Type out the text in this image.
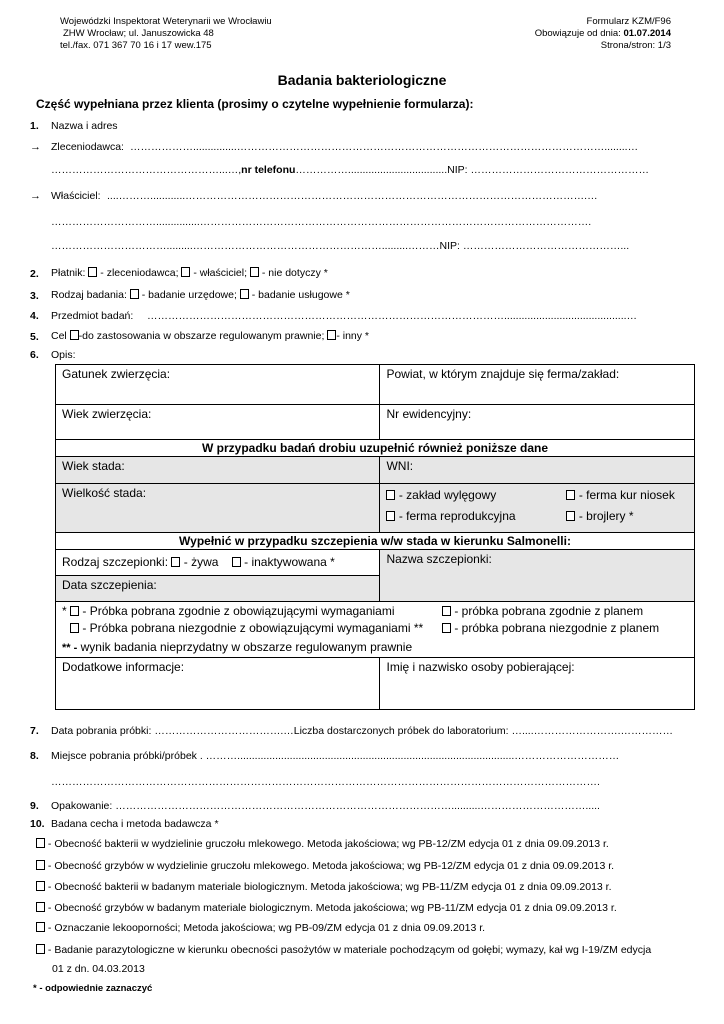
Wojewódzki Inspektorat Weterynarii we Wrocławiu
ZHW Wrocław; ul. Januszowicka 48
tel./fax. 071 367 70 16 i 17 wew.175
Formularz KZM/F96
Obowiązuje od dnia: 01.07.2014
Strona/stron: 1/3
Badania bakteriologiczne
Część wypełniana przez klienta (prosimy o czytelne wypełnienie formularza):
1. Nazwa i adres
→ Zleceniodawca: ………………...............……………………………………………………………………………………………........…
…………………………………………...…,nr telefonu……………..................................NIP: ……………………………………………
→ Właściciel: ....………............…………………………………………………………………………………………………….…
…………………………...............………………………………………………………………………………………………….
…………………………….........……………………………………………….........………NIP: ………………………………………...
2. Płatnik: - zleceniodawca; - właściciel; - nie dotyczy *
3. Rodzaj badania: - badanie urzędowe; - badanie usługowe *
4. Przedmiot badań: …………………………………………………………………………………………..........................................…
5. Cel -do zastosowania w obszarze regulowanym prawnie; - inny *
6. Opis:
Gatunek zwierzęcia:	Powiat, w którym znajduje się ferma/zakład:
Wiek zwierzęcia:	Nr ewidencyjny:
W przypadku badań drobiu uzupełnić również poniższe dane	
Wiek stada:	WNI:
Wielkość stada:	- zakład wylęgowy - ferma kur niosek
- ferma reprodukcyjna - brojlery *

Wypełnić w przypadku szczepienia w/w stada w kierunku Salmonelli:	
Rodzaj szczepionki: - żywa - inaktywowana *	Nazwa szczepionki:
Data szczepienia:	

* - Próbka pobrana zgodnie z obowiązującymi wymaganiami - próbka pobrana zgodnie z planem
- Próbka pobrana niezgodnie z obowiązującymi wymaganiami ** - próbka pobrana niezgodnie z planem
** - wynik badania nieprzydatny w obszarze regulowanym prawnie	

Dodatkowe informacje:	Imię i nazwisko osoby pobierającej:
7. Data pobrania próbki: ……………………………….…Liczba dostarczonych próbek do laboratorium: …....…………………….……………
8. Miejsce pobrania próbki/próbek . ………...............................................................................................…………………………
………………………………………………………………………………………………………………………………………….
9. Opakowanie: ……………………………………………………………………………………..........………………………….....
10. Badana cecha i metoda badawcza *
- Obecność bakterii w wydzielinie gruczołu mlekowego. Metoda jakościowa; wg PB-12/ZM edycja 01 z dnia 09.09.2013 r.
- Obecność grzybów w wydzielinie gruczołu mlekowego. Metoda jakościowa; wg PB-12/ZM edycja 01 z dnia 09.09.2013 r.
- Obecność bakterii w badanym materiale biologicznym. Metoda jakościowa; wg PB-11/ZM edycja 01 z dnia 09.09.2013 r.
- Obecność grzybów w badanym materiale biologicznym. Metoda jakościowa; wg PB-11/ZM edycja 01 z dnia 09.09.2013 r.
- Oznaczanie lekooporności; Metoda jakościowa; wg PB-09/ZM edycja 01 z dnia 09.09.2013 r.
- Badanie parazytologiczne w kierunku obecności pasożytów w materiale pochodzącym od gołębi; wymazy, kał wg I-19/ZM edycja
01 z dn. 04.03.2013
* - odpowiednie zaznaczyć
